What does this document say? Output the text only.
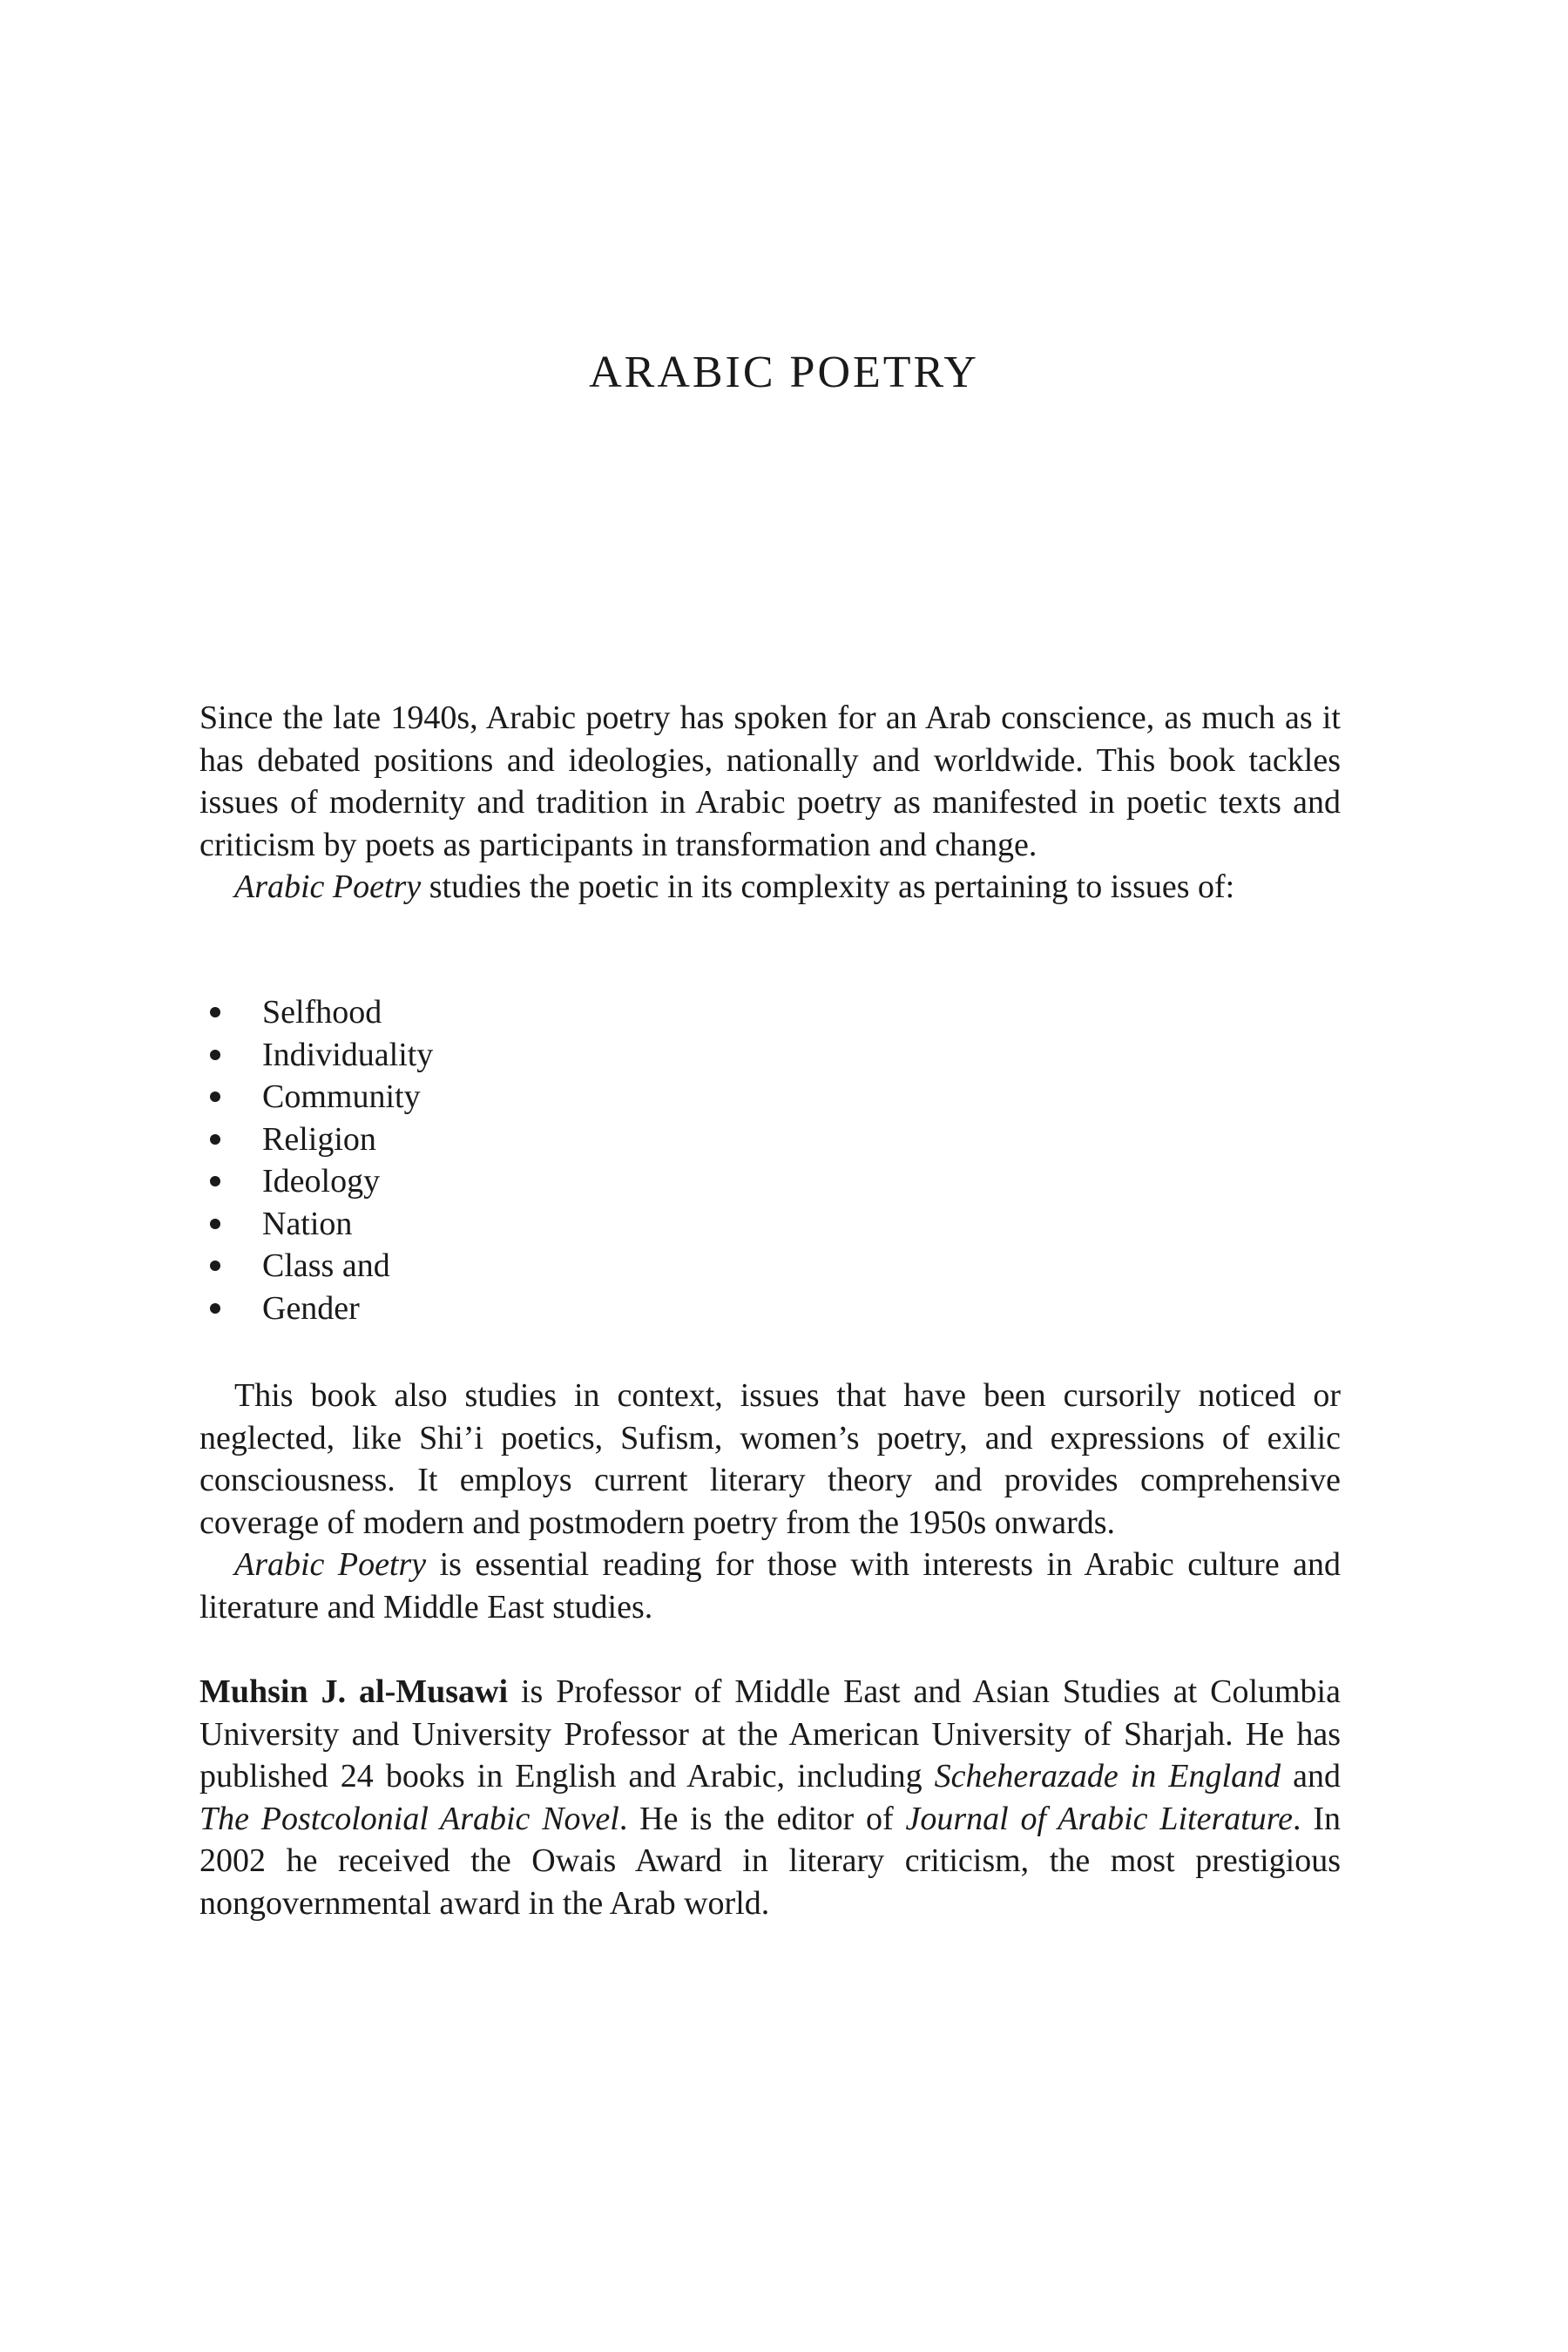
ARABIC POETRY

Since the late 1940s, Arabic poetry has spoken for an Arab conscience, as much as it has debated positions and ideologies, nationally and worldwide. This book tackles issues of modernity and tradition in Arabic poetry as manifested in poetic texts and criticism by poets as participants in transformation and change.

Arabic Poetry studies the poetic in its complexity as pertaining to issues of:

Selfhood
Individuality
Community
Religion
Ideology
Nation
Class and
Gender

This book also studies in context, issues that have been cursorily noticed or neglected, like Shi’i poetics, Sufism, women’s poetry, and expressions of exilic consciousness. It employs current literary theory and provides comprehensive coverage of modern and postmodern poetry from the 1950s onwards.

Arabic Poetry is essential reading for those with interests in Arabic culture and literature and Middle East studies.

Muhsin J. al-Musawi is Professor of Middle East and Asian Studies at Columbia University and University Professor at the American University of Sharjah. He has published 24 books in English and Arabic, including Scheherazade in England and The Postcolonial Arabic Novel. He is the editor of Journal of Arabic Literature. In 2002 he received the Owais Award in literary criticism, the most prestigious nongovernmental award in the Arab world.
